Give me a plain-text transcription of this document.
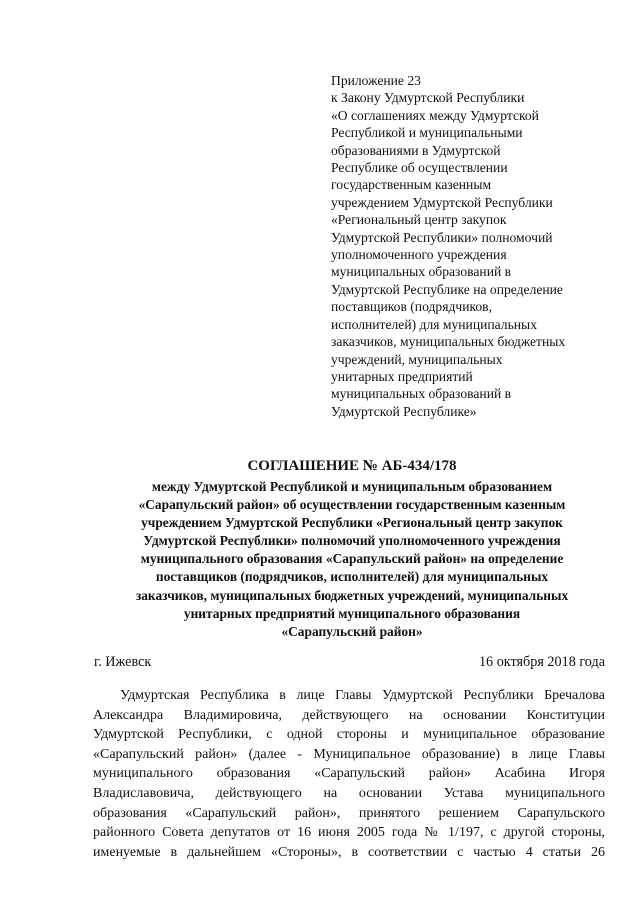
Приложение 23
к Закону Удмуртской Республики
«О соглашениях между Удмуртской
Республикой и муниципальными
образованиями в Удмуртской
Республике об осуществлении
государственным казенным
учреждением Удмуртской Республики
«Региональный центр закупок
Удмуртской Республики» полномочий
уполномоченного учреждения
муниципальных образований в
Удмуртской Республике на определение
поставщиков (подрядчиков,
исполнителей) для муниципальных
заказчиков, муниципальных бюджетных
учреждений, муниципальных
унитарных предприятий
муниципальных образований в
Удмуртской Республике»
СОГЛАШЕНИЕ № АБ-434/178
между Удмуртской Республикой и муниципальным образованием
«Сарапульский район» об осуществлении государственным казенным
учреждением Удмуртской Республики «Региональный центр закупок
Удмуртской Республики» полномочий уполномоченного учреждения
муниципального образования «Сарапульский район» на определение
поставщиков (подрядчиков, исполнителей) для муниципальных
заказчиков, муниципальных бюджетных учреждений, муниципальных
унитарных предприятий муниципального образования
«Сарапульский район»
г. Ижевск	16 октября 2018 года
Удмуртская Республика в лице Главы Удмуртской Республики Бречалова
Александра Владимировича, действующего на основании Конституции
Удмуртской Республики, с одной стороны и муниципальное образование
«Сарапульский район» (далее - Муниципальное образование) в лице Главы
муниципального образования «Сарапульский район» Асабина Игоря
Владиславовича, действующего на основании Устава муниципального
образования «Сарапульский район», принятого решением Сарапульского
районного Совета депутатов от 16 июня 2005 года № 1/197, с другой стороны,
именуемые в дальнейшем «Стороны», в соответствии с частью 4 статьи 26
